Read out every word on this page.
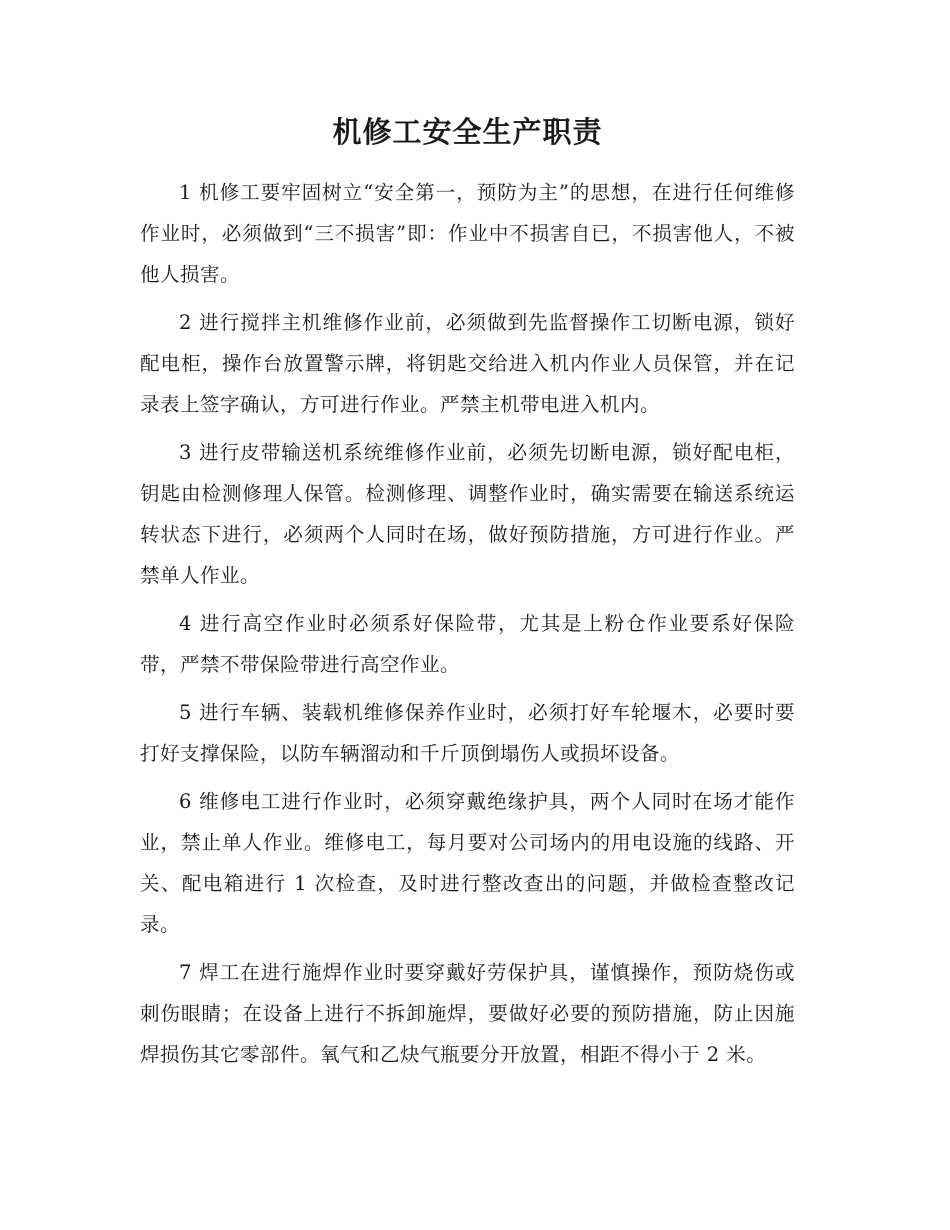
机修工安全生产职责

1 机修工要牢固树立“安全第一，预防为主”的思想，在进行任何维修作业时，必须做到“三不损害”即：作业中不损害自已，不损害他人，不被他人损害。

2 进行搅拌主机维修作业前，必须做到先监督操作工切断电源，锁好配电柜，操作台放置警示牌，将钥匙交给进入机内作业人员保管，并在记录表上签字确认，方可进行作业。严禁主机带电进入机内。

3 进行皮带输送机系统维修作业前，必须先切断电源，锁好配电柜，钥匙由检测修理人保管。检测修理、调整作业时，确实需要在输送系统运转状态下进行，必须两个人同时在场，做好预防措施，方可进行作业。严禁单人作业。

4 进行高空作业时必须系好保险带，尤其是上粉仓作业要系好保险带，严禁不带保险带进行高空作业。

5 进行车辆、装载机维修保养作业时，必须打好车轮堰木，必要时要打好支撑保险，以防车辆溜动和千斤顶倒塌伤人或损坏设备。

6 维修电工进行作业时，必须穿戴绝缘护具，两个人同时在场才能作业，禁止单人作业。维修电工，每月要对公司场内的用电设施的线路、开关、配电箱进行 1 次检查，及时进行整改查出的问题，并做检查整改记录。

7 焊工在进行施焊作业时要穿戴好劳保护具，谨慎操作，预防烧伤或刺伤眼睛；在设备上进行不拆卸施焊，要做好必要的预防措施，防止因施焊损伤其它零部件。氧气和乙炔气瓶要分开放置，相距不得小于 2 米。
